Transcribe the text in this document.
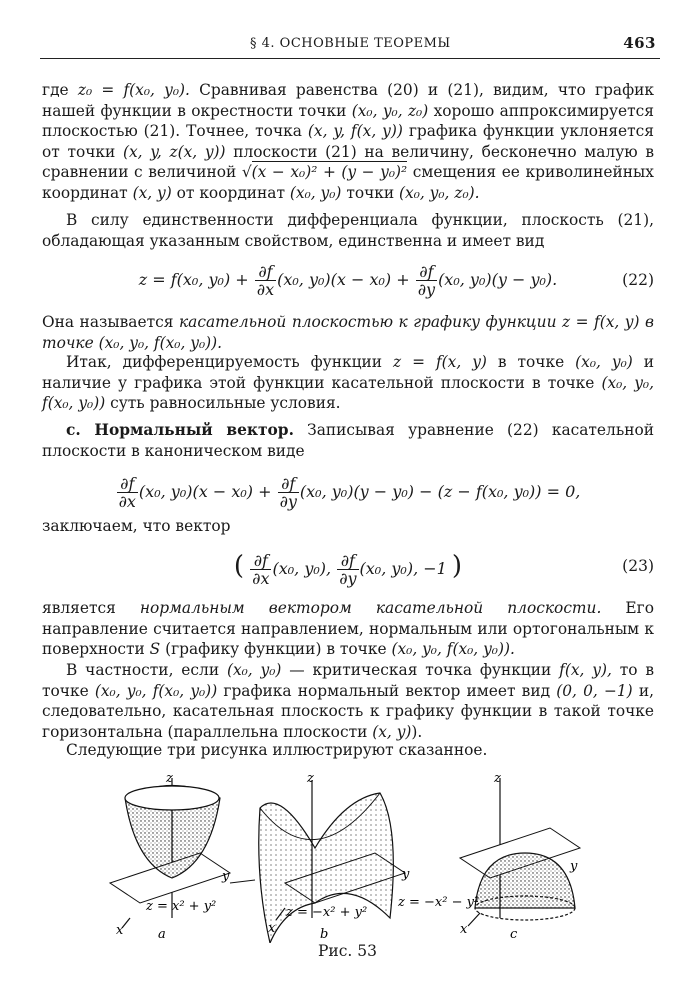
§ 4. ОСНОВНЫЕ ТЕОРЕМЫ	463
где z₀ = f(x₀, y₀). Сравнивая равенства (20) и (21), видим, что график нашей функции в окрестности точки (x₀, y₀, z₀) хорошо аппроксимируется плоскостью (21). Точнее, точка (x, y, f(x, y)) графика функции уклоняется от точки (x, y, z(x, y)) плоскости (21) на величину, бесконечно малую в сравнении с величиной √(x − x₀)² + (y − y₀)² смещения ее криволинейных координат (x, y) от координат (x₀, y₀) точки (x₀, y₀, z₀).
В силу единственности дифференциала функции, плоскость (21), обладающая указанным свойством, единственна и имеет вид
z = f(x₀, $y_0) + \frac{\partial f}{\partial x} (x_0$, $y_0)(x - x_0) + \frac{\partial f}{\partial y} (x_0$, y₀)(y − y₀).	(22)
Она называется касательной плоскостью к графику функции z = f(x, y) в точке (x₀, y₀, f(x₀, y₀)).
Итак, дифференцируемость функции z = f(x, y) в точке (x₀, y₀) и наличие у графика этой функции касательной плоскости в точке (x₀, y₀, f(x₀, y₀)) суть равносильные условия.
c. Нормальный вектор. Записывая уравнение (22) касательной плоскости в каноническом виде
$\frac{\partial f}{\partial x} (x_0$, $y_0)(x - x_0) + \frac{\partial f}{\partial y} (x_0$, y₀)(y − y₀) − (z − f(x₀, y₀)) = 0,
заключаем, что вектор
( $\frac{\partial f}{\partial x} (x_0$, y₀), $\frac{\partial f}{\partial y} (x_0$, y₀), −1 )	(23)
является нормальным вектором касательной плоскости. Его направление считается направлением, нормальным или ортогональным к поверхности S (графику функции) в точке (x₀, y₀, f(x₀, y₀)).
В частности, если (x₀, y₀) — критическая точка функции f(x, y), то в точке (x₀, y₀, f(x₀, y₀)) графика нормальный вектор имеет вид (0, 0, −1) и, следовательно, касательная плоскость к графику функции в такой точке горизонтальна (параллельна плоскости (x, y)).
Следующие три рисунка иллюстрируют сказанное.
z
y
x
z = x² + y²
a
z
y
x
z = −x² + y²
b
z
y
x
z = −x² − y²
c
Рис. 53
